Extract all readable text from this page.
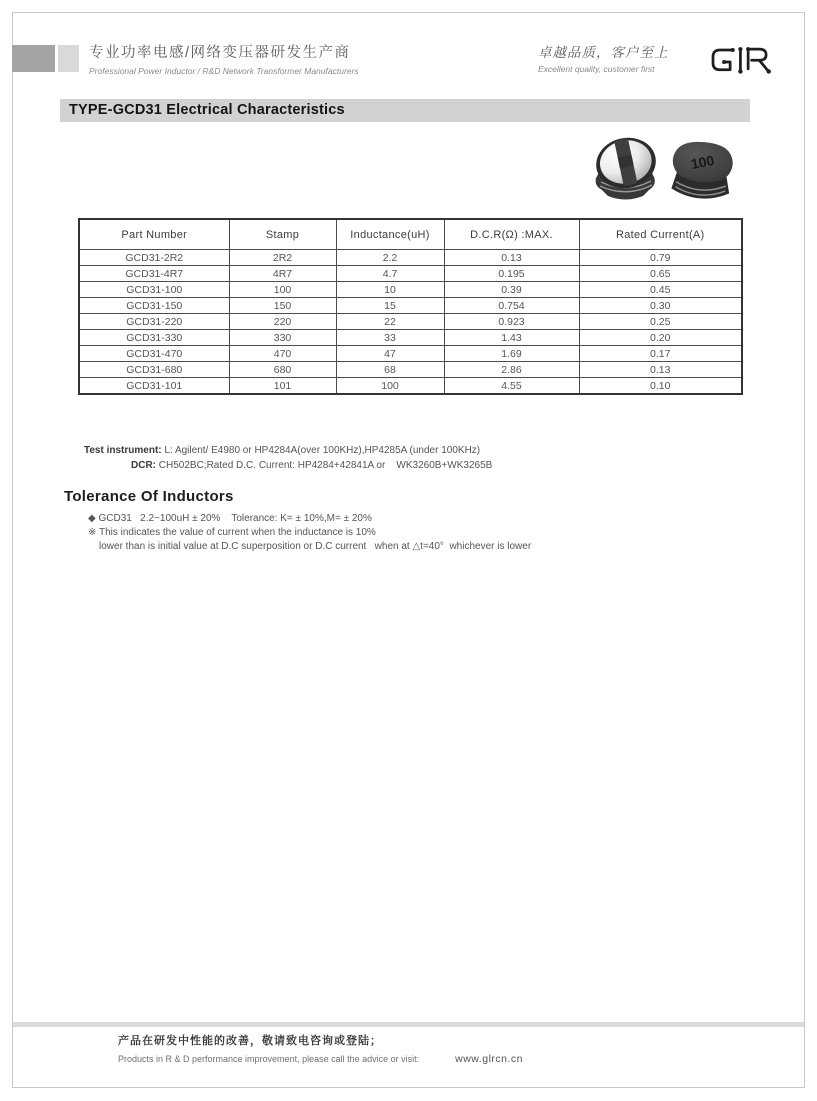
专业功率电感/网络变压器研发生产商
Professional Power Inductor / R&D Network Transformer Manufacturers
卓越品质，客户至上
Excellent quality, customer first
TYPE-GCD31 Electrical Characteristics
100
Part Number	Stamp	Inductance(uH)	D.C.R(Ω) :MAX.	Rated Current(A)
GCD31-2R2	2R2	2.2	0.13	0.79
GCD31-4R7	4R7	4.7	0.195	0.65
GCD31-100	100	10	0.39	0.45
GCD31-150	150	15	0.754	0.30
GCD31-220	220	22	0.923	0.25
GCD31-330	330	33	1.43	0.20
GCD31-470	470	47	1.69	0.17
GCD31-680	680	68	2.86	0.13
GCD31-101	101	100	4.55	0.10
Test instrument: L: Agilent/ E4980 or HP4284A(over 100KHz),HP4285A (under 100KHz)
DCR: CH502BC;Rated D.C. Current: HP4284+42841A or    WK3260B+WK3265B
Tolerance Of Inductors
◆ GCD31   2.2~100uH ± 20%    Tolerance: K= ± 10%,M= ± 20%
※ This indicates the value of current when the inductance is 10%
lower than is initial value at D.C superposition or D.C current   when at △t=40°  whichever is lower
产品在研发中性能的改善，敬请致电咨询或登陆；
Products in R & D performance improvement, please call the advice or visit:	www.glrcn.cn
